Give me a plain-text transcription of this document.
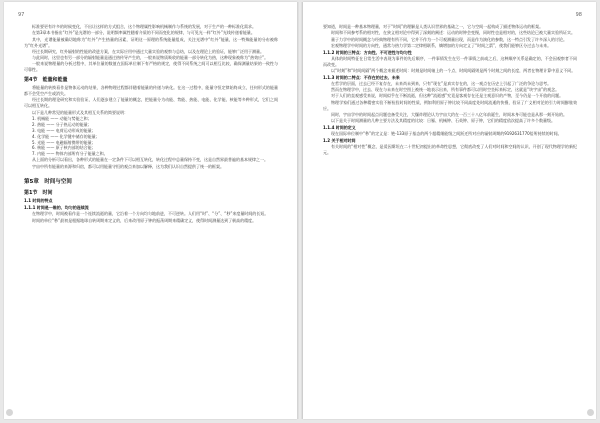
97
标准要更有许多的时候变化，不出让这样的方式组合，这个物理属性影响机械制作与系统的发展，对于生产的一种标准化需求。
在第3章本书指出“红外”是光谱的一部分，说明频率属性随着介质的不同而变化的规律，与可见光一样“红外”光线传递着能量。
其中，光谱能量被确切地称为“红外”产生热量的因素，证明这一原理的系统能量组成，关注光谱中“红外”能量，这一特殊能量的分布被称为“红外光谱”。
经过长期研究，红外辐射的性能的改进方案，在实际应用中通过大量实验的观察与总结，以及在理论上的验证，能够广泛用于测量。
与此同时，这里也有另一部分的辐射能量是通过热传导产生的，一般来说物质吸收的能量一部分转化为热，这种现象被称为“热效应”。
一般来说物理量的分析过程中，其单位量的数值在国际单位制下有严格的规定，使得不同系统之间可以相互比较，确保测量结果的一致性与可靠性。
第4节　能量和能量
将能量的转换看作是物体运动的结果，各种物理过程都伴随着能量的传递与转化。在这一过程中，能量守恒定律始终成立，任何形式的能量都不会凭空产生或消失。
经过长期的理论研究和实验验证，人们逐步建立了能量的概念，把能量分为动能、势能、热能、电能、化学能、核能等多种形式，它们之间可以相互转化。
以下是几种常见的能量形式及其相互关系的简要说明：
1. 机械能 —— 动能与势能之和；
2. 热能 —— 分子热运动的能量；
3. 电能 —— 电荷运动形成的能量；
4. 化学能 —— 化学键中储存的能量；
5. 光能 —— 电磁辐射携带的能量；
6. 核能 —— 原子核内部的结合能；
7. 内能 —— 物体内部所有分子能量之和。
从上面的分析可以看出，各种形式的能量在一定条件下可以相互转化，转化过程中总量保持不变，这是自然界最普遍的基本规律之一。
宇宙中所有能量的来源和归宿，都可以用能量守恒的观点来加以解释，这为我们认识自然提供了统一的框架。
第5章　时间与空间
第1节　时间
1.1 时间的特点
1.1.1 时间是一维的、均匀的连续流
在物理学中，时间被看作是一个连续流逝的量，它沿着一个方向均匀地前进，不可逆转。人们用“时”、“分”、“秒”来度量时间的长短。
时间的单位“秒”最初是根据地球自转周期来定义的，后来改用原子钟的振荡周期来精确定义，使得时间测量达到了极高的精度。
98
要知道，时间是一种基本物理量，对于“时间”的理解是人类认识世界的基础之一，它与空间一起构成了描述物体运动的框架。
时间和不同参考系的相对性，在狭义相对论中得到了深刻的阐述：运动的时钟会变慢，同时性也是相对的，这些结论已被大量实验所证实。
量子力学中的时间概念与经典物理有所不同，它并不作为一个可观测量出现，而是作为演化的参数，这一特点引发了许多深入的讨论。
宏观物理学中时间的方向性，通常与热力学第二定律相联系，熵增加的方向定义了“时间之箭”，使我们能够区分过去与未来。
1.1.2 时间的三特点：方向性、不可逆性与均匀性
具体的时间特征在日常生活中表现为事件的先后顺序，一件事情发生在另一件事情之前或之后，这种顺序关系是确定的，不会因观察者不同而改变。
以“时刻”和“时间间隔”两个概念来描述时间：时刻是时间轴上的一个点，时间间隔则是两个时刻之间的长度，两者在物理计算中意义不同。
1.1.3 时间的二特点：不存在的过去、未来
在哲学的层面，过去已经不复存在，未来尚未到来，只有“现在”是真实存在的，这一观点在历史上引起了广泛的争论与思考。
然而在物理学中，过去、现在与未来在时空图上被统一地表示出来，所有事件都可以用时空坐标来标定，这就是“块宇宙”的观念。
对于人们的直观感受来说，时间似乎在不断流逝，但这种“流逝感”究竟是客观存在还是主观意识的产物，至今仍是一个开放的问题。
物理学家们通过各种精密实验不断检验时间的性质，例如利用原子钟比较不同高度处时间流逝的快慢，验证了广义相对论的引力时间膨胀效应。
同时，宇宙学中的时间起点问题也备受关注，大爆炸理论认为宇宙大约在一百三十八亿年前诞生，时间本身可能也是从那一刻开始的。
以下是关于时间测量的几种主要方法及其精度的比较：日晷、机械钟、石英钟、原子钟，它们的精度依次提高了许多个数量级。
1.1.4 时间的定义
现在国际单位制中“秒”的定义是：铯-133原子基态的两个超精细能级之间跃迁所对应的辐射周期的9192631770倍所持续的时间。
1.2 关于相对时间
有关时间的“相对性”概念，是爱因斯坦在二十世纪初提出的革命性思想，它彻底改变了人们对时间和空间的认识，开创了现代物理学的新纪元。
